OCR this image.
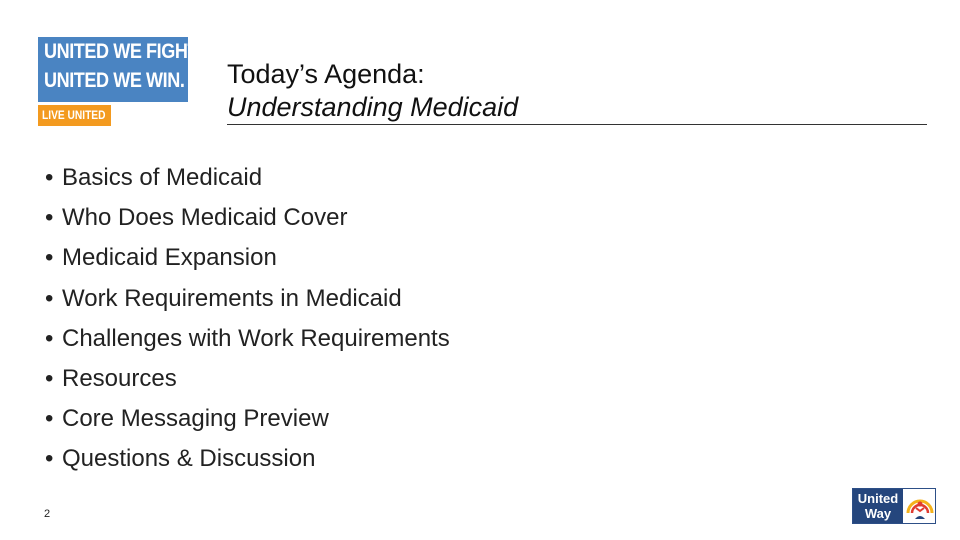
UNITED WE FIGHT.
UNITED WE WIN.
LIVE UNITED
Today’s Agenda:
Understanding Medicaid
• Basics of Medicaid
• Who Does Medicaid Cover
• Medicaid Expansion
• Work Requirements in Medicaid
• Challenges with Work Requirements
• Resources
• Core Messaging Preview
• Questions & Discussion
2
United
Way
